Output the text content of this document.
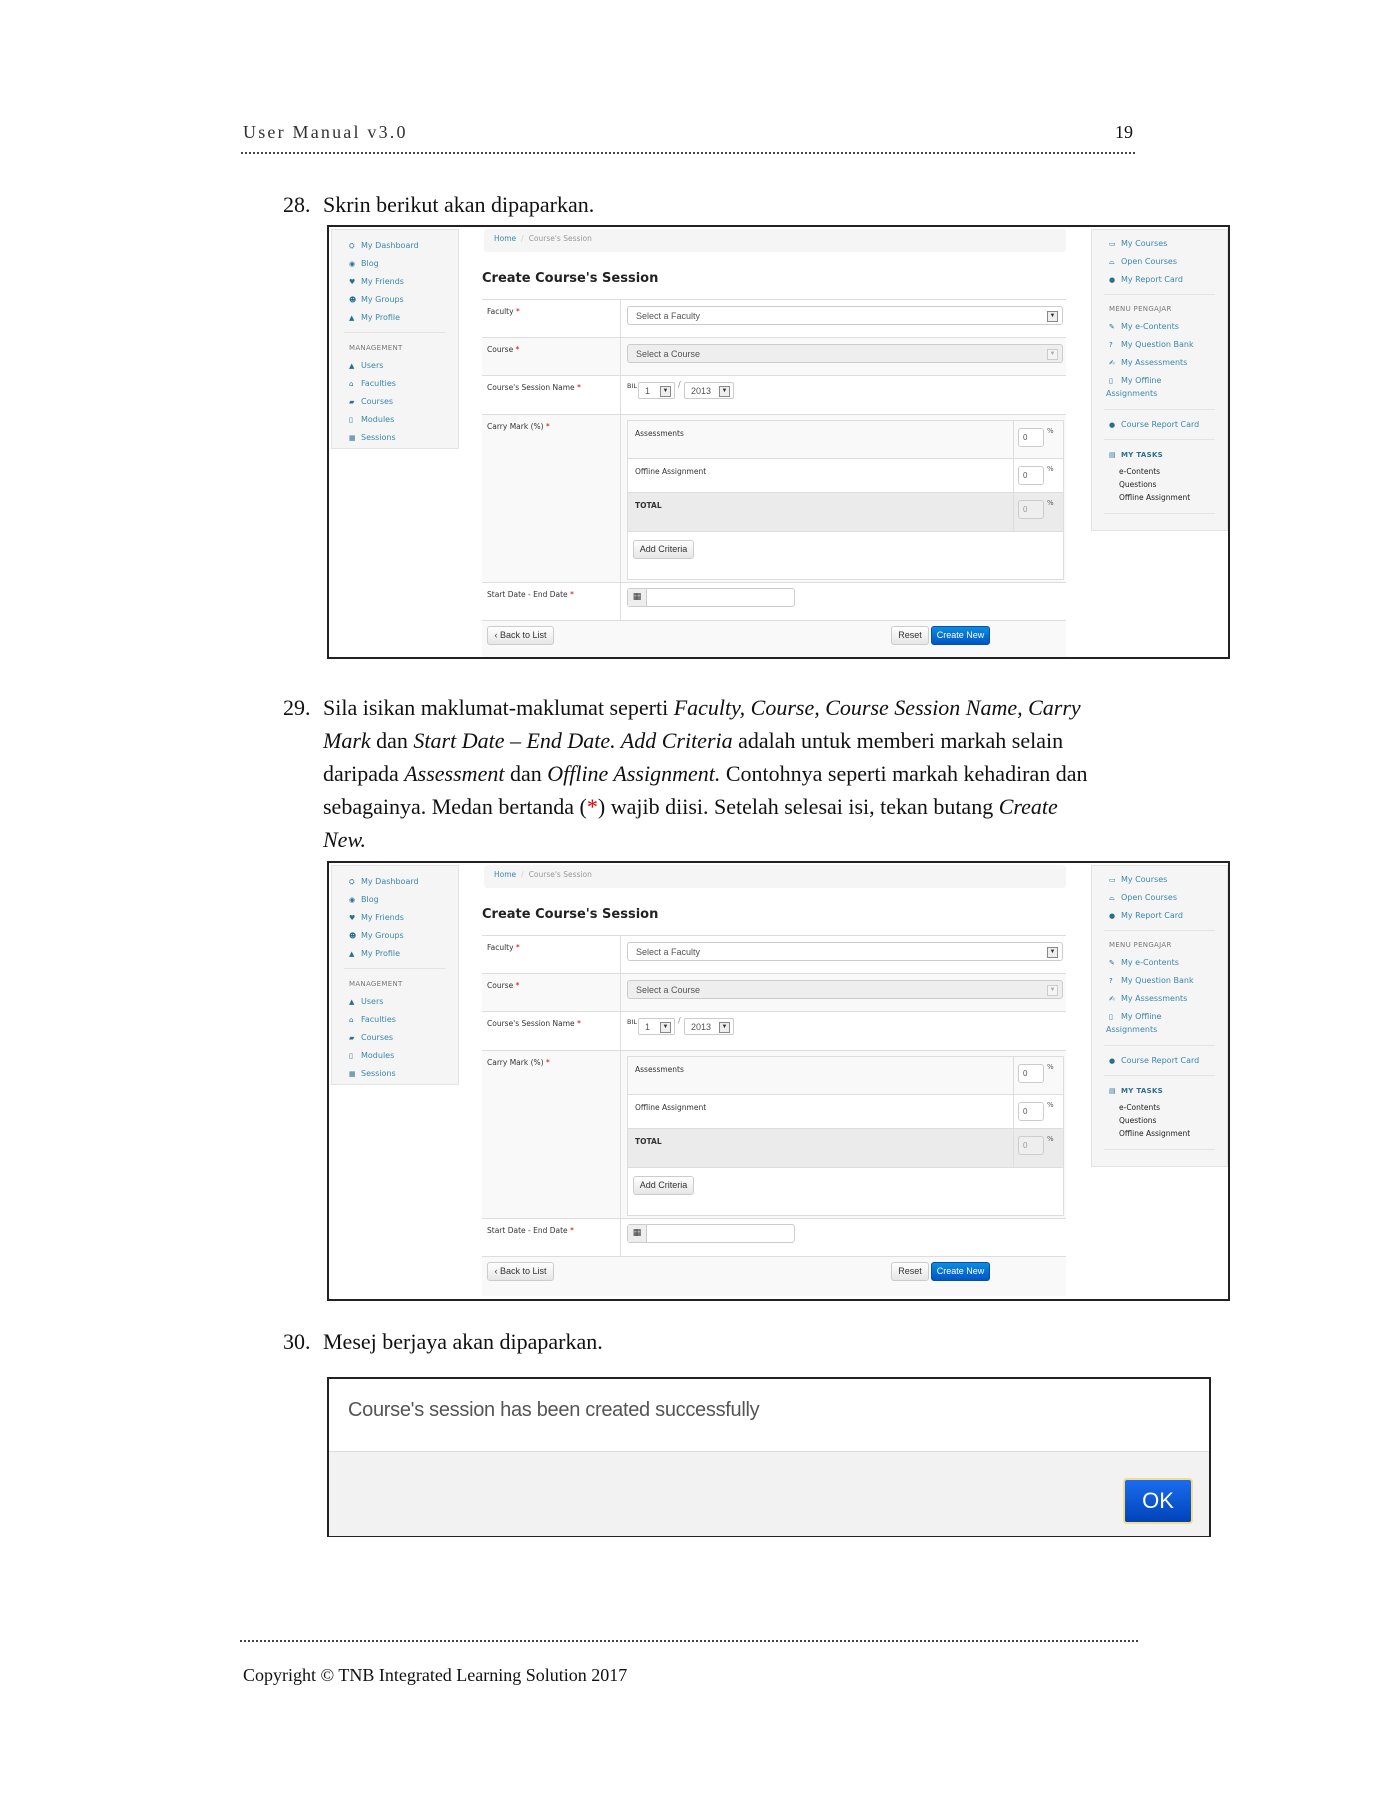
User Manual v3.0	19
28. Skrin berikut akan dipaparkan.
⛭ My Dashboard
◉ Blog
♥ My Friends
☻ My Groups
▲ My Profile
MANAGEMENT
▲ Users
⌂ Faculties
▰ Courses
▯ Modules
▦ Sessions
Home / Course's Session
Create Course's Session
Faculty *	Select a Faculty	▼
Course *	Select a Course	▼
Course's Session Name *	BIL 1	▼
/
2013	▼
Carry Mark (%) *
Assessments	0
%
Offline Assignment	0
%
TOTAL	0
%
Add Criteria
Start Date - End Date *	▦
‹ Back to List	Reset	Create New
▭ My Courses
⌓ Open Courses
● My Report Card
MENU PENGAJAR
✎ My e-Contents
? My Question Bank
✍ My Assessments
▯ My Offline
Assignments
● Course Report Card
▤ MY TASKS
e-Contents
Questions
Offline Assignment
29. Sila isikan maklumat-maklumat seperti Faculty, Course, Course Session Name, Carry
Mark dan Start Date – End Date. Add Criteria adalah untuk memberi markah selain
daripada Assessment dan Offline Assignment. Contohnya seperti markah kehadiran dan
sebagainya. Medan bertanda (*) wajib diisi. Setelah selesai isi, tekan butang Create
New.
⛭ My Dashboard
◉ Blog
♥ My Friends
☻ My Groups
▲ My Profile
MANAGEMENT
▲ Users
⌂ Faculties
▰ Courses
▯ Modules
▦ Sessions
Home / Course's Session
Create Course's Session
Faculty *	Select a Faculty	▼
Course *	Select a Course	▼
Course's Session Name *	BIL 1	▼
/
2013	▼
Carry Mark (%) *
Assessments	0
%
Offline Assignment	0
%
TOTAL	0
%
Add Criteria
Start Date - End Date *	▦
‹ Back to List	Reset	Create New
▭ My Courses
⌓ Open Courses
● My Report Card
MENU PENGAJAR
✎ My e-Contents
? My Question Bank
✍ My Assessments
▯ My Offline
Assignments
● Course Report Card
▤ MY TASKS
e-Contents
Questions
Offline Assignment
30. Mesej berjaya akan dipaparkan.
Course's session has been created successfully
OK
Copyright © TNB Integrated Learning Solution 2017
